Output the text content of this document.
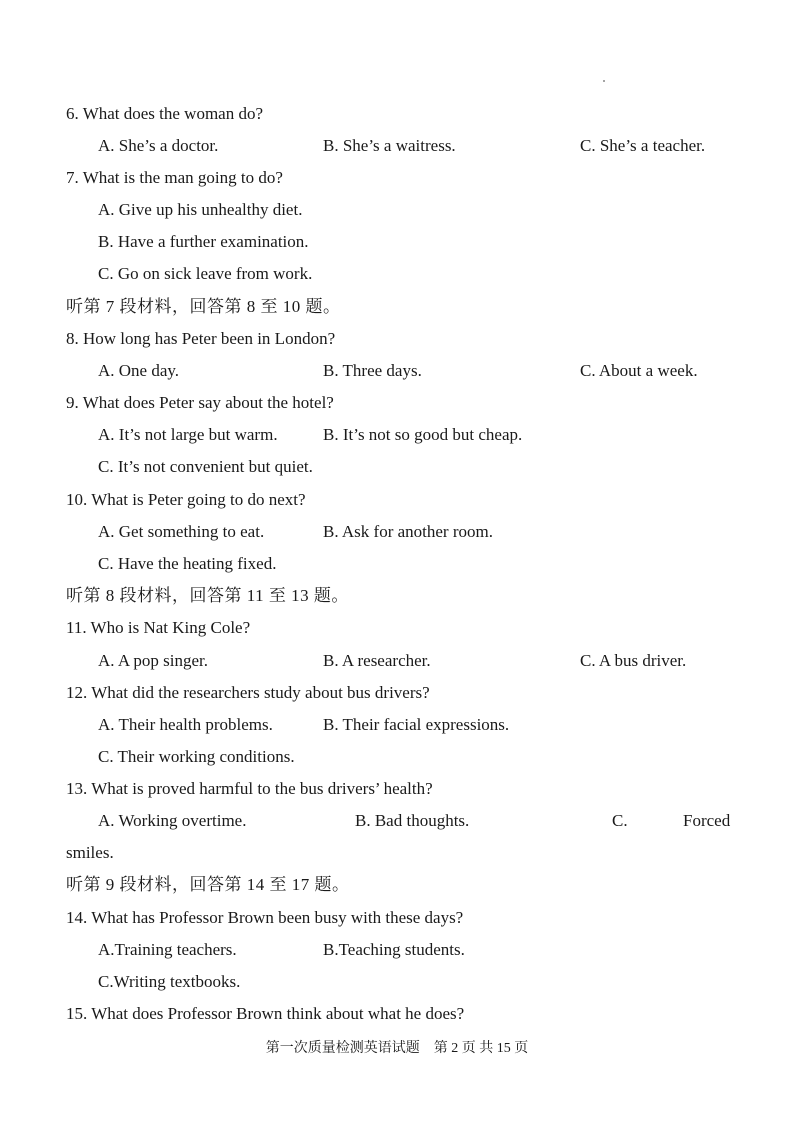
6. What does the woman do?
A. She’s a doctor.	B. She’s a waitress.	C. She’s a teacher.
7. What is the man going to do?
A. Give up his unhealthy diet.
B. Have a further examination.
C. Go on sick leave from work.
听第 7 段材料，回答第 8 至 10 题。
8. How long has Peter been in London?
A. One day.	B. Three days.	C. About a week.
9. What does Peter say about the hotel?
A. It’s not large but warm.	B. It’s not so good but cheap.
C. It’s not convenient but quiet.
10. What is Peter going to do next?
A. Get something to eat.	B. Ask for another room.
C. Have the heating fixed.
听第 8 段材料，回答第 11 至 13 题。
11. Who is Nat King Cole?
A. A pop singer.	B. A researcher.	C. A bus driver.
12. What did the researchers study about bus drivers?
A. Their health problems.	B. Their facial expressions.
C. Their working conditions.
13. What is proved harmful to the bus drivers’ health?
A. Working overtime.	B. Bad thoughts.	C.	Forced
smiles.
听第 9 段材料，回答第 14 至 17 题。
14. What has Professor Brown been busy with these days?
A.Training teachers.	B.Teaching students.
C.Writing textbooks.
15. What does Professor Brown think about what he does?
第一次质量检测英语试题　第 2 页 共 15 页
